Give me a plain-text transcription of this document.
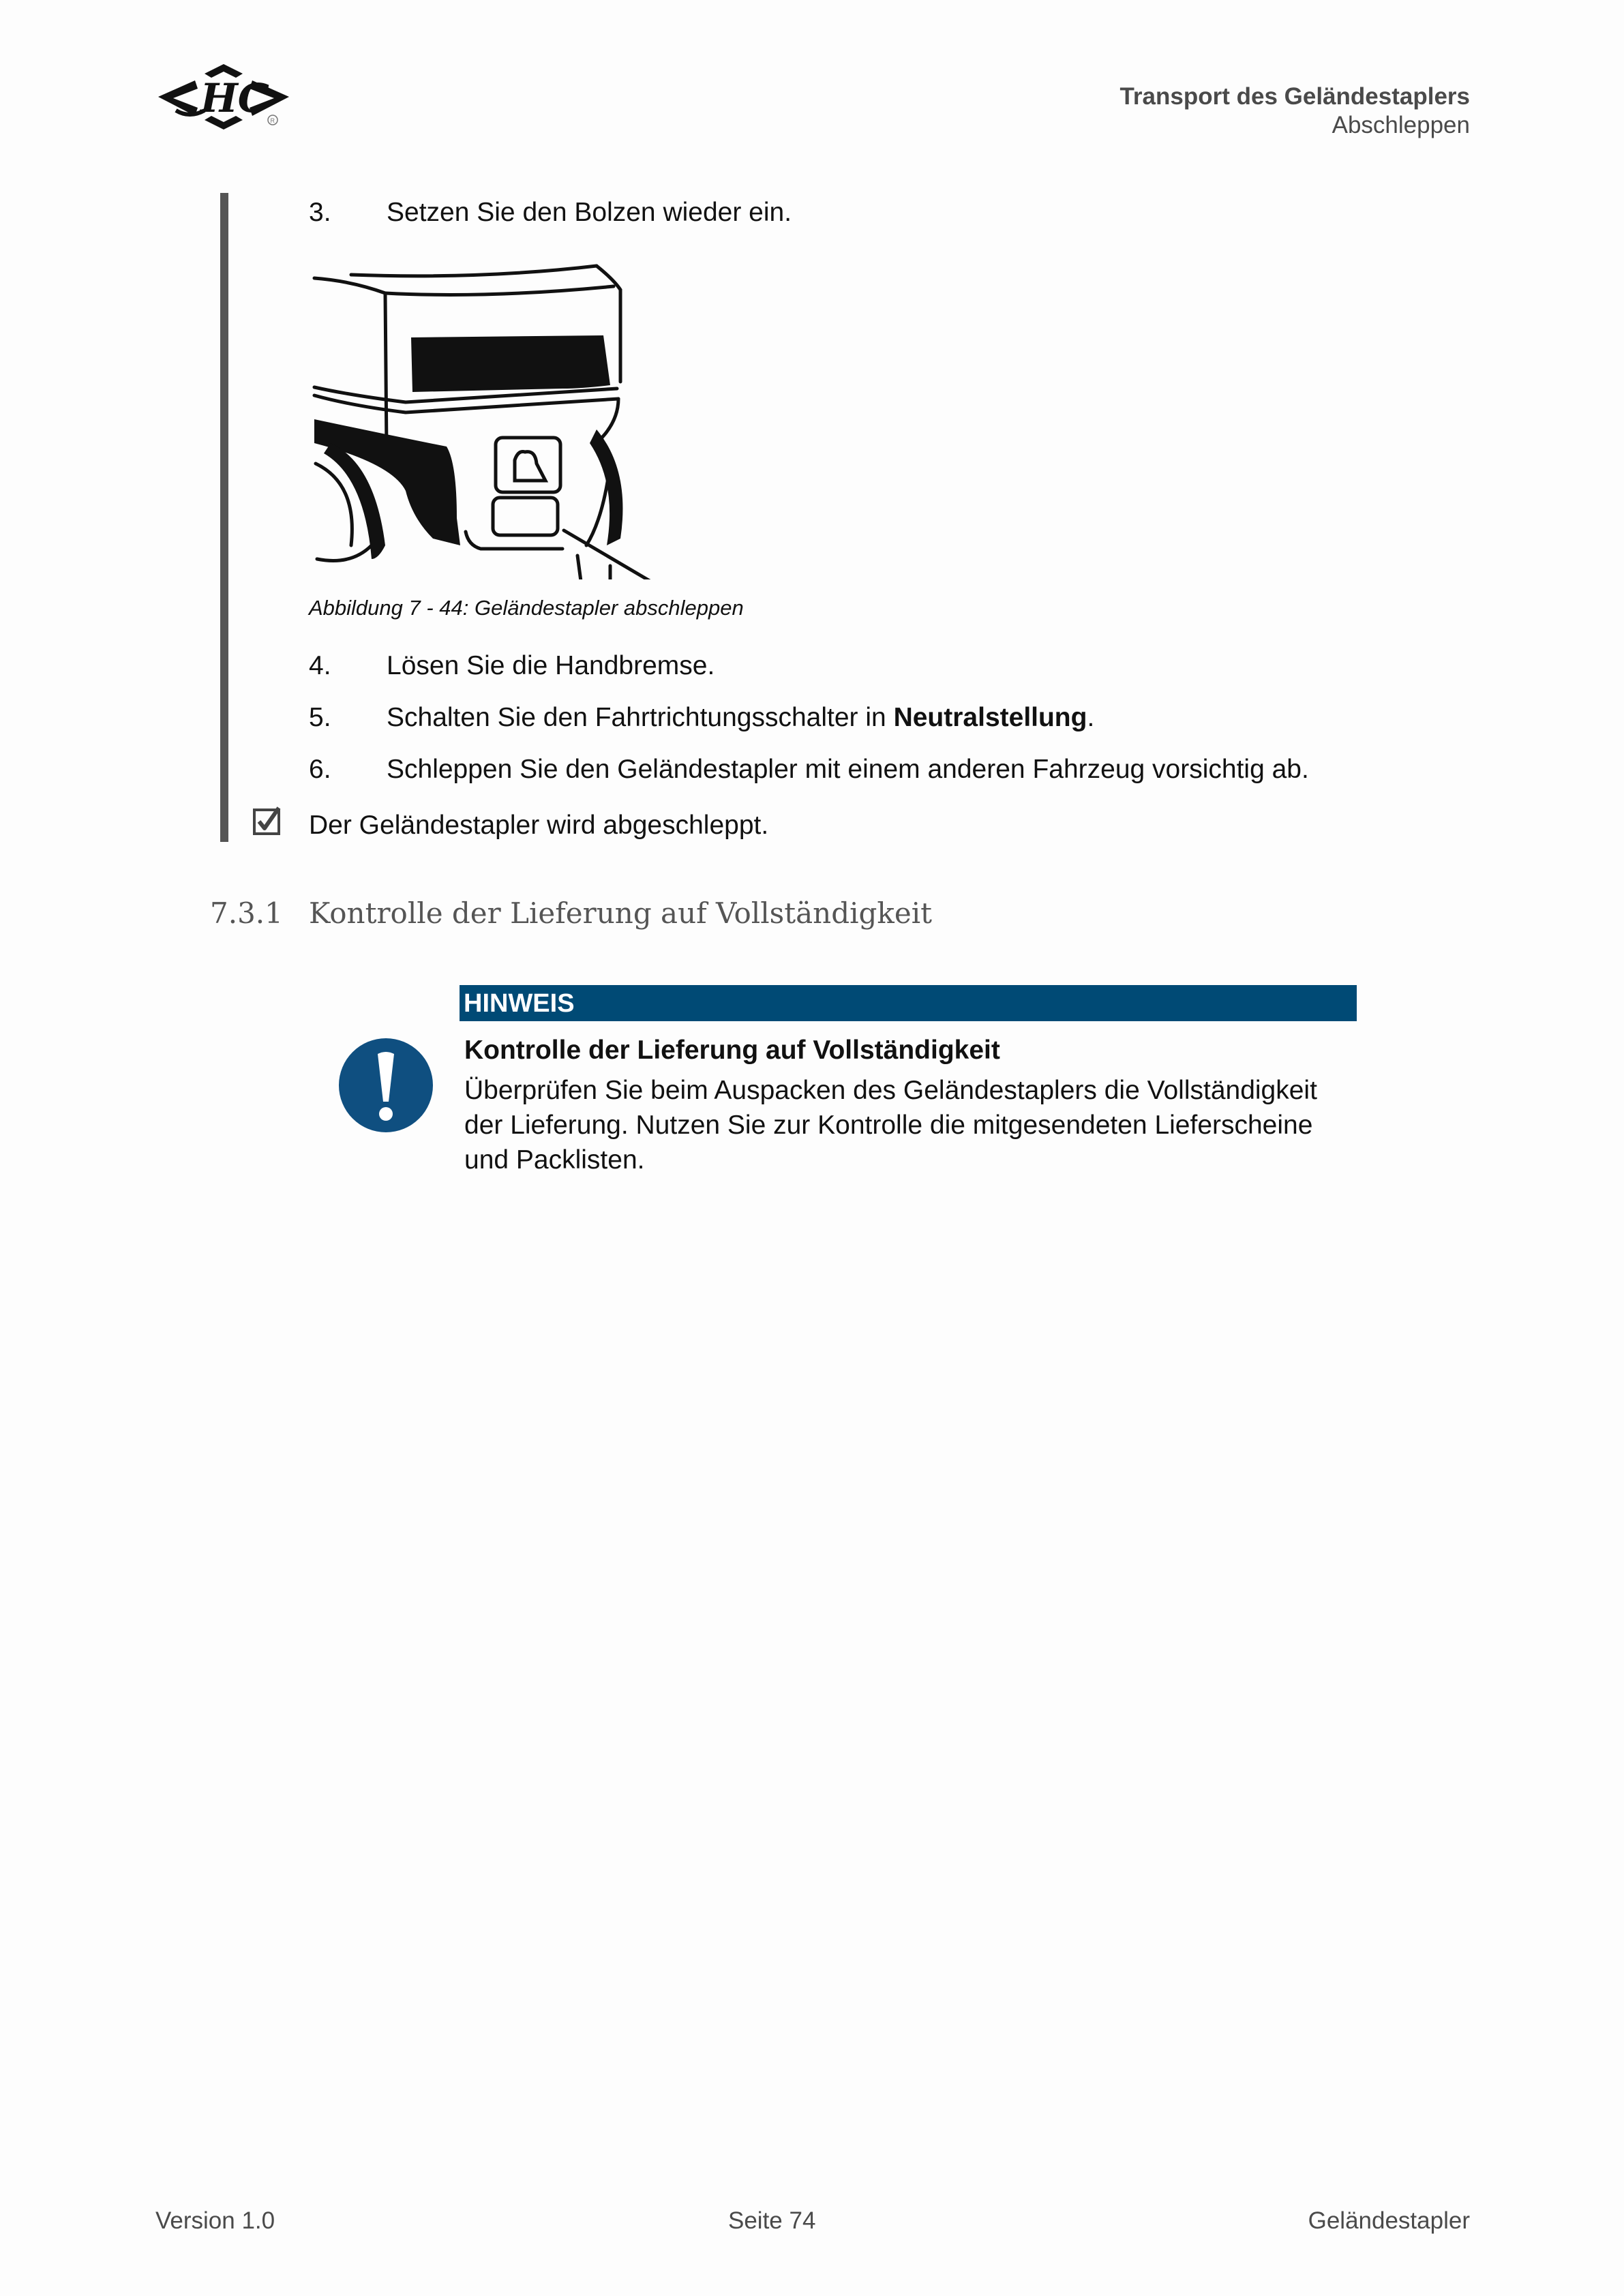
HC R
Transport des Geländestaplers
Abschleppen
3. Setzen Sie den Bolzen wieder ein.
Abbildung 7 - 44: Geländestapler abschleppen
4. Lösen Sie die Handbremse.
5. Schalten Sie den Fahrtrichtungsschalter in Neutralstellung.
6. Schleppen Sie den Geländestapler mit einem anderen Fahrzeug vorsichtig ab.
Der Geländestapler wird abgeschleppt.
7.3.1 Kontrolle der Lieferung auf Vollständigkeit
HINWEIS
Kontrolle der Lieferung auf Vollständigkeit
Überprüfen Sie beim Auspacken des Geländestaplers die Vollständigkeit der Lieferung. Nutzen Sie zur Kontrolle die mitgesendeten Lieferscheine und Packlisten.
Version 1.0	Seite 74	Geländestapler
